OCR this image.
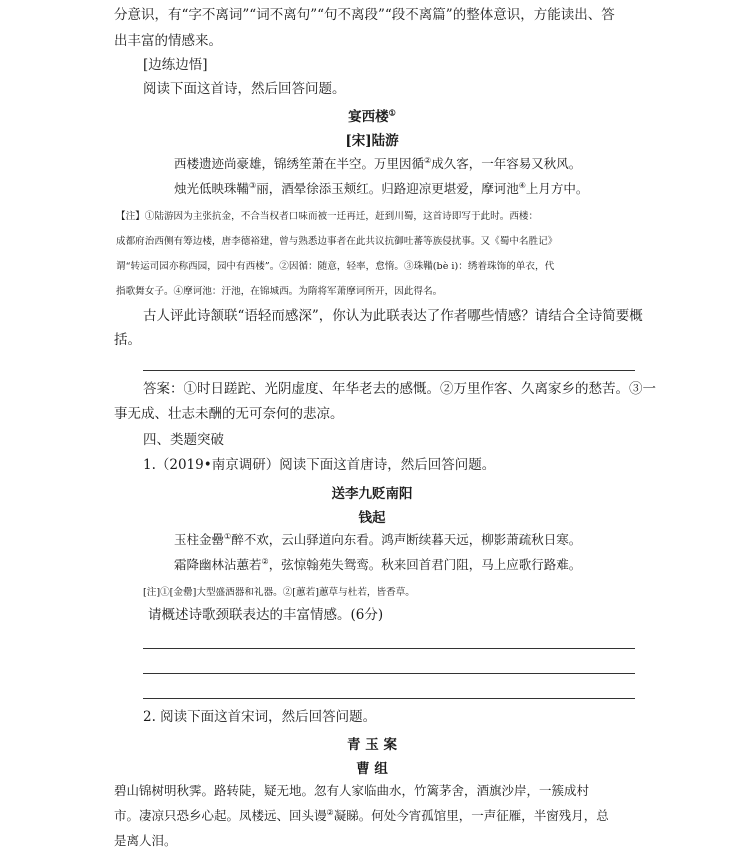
分意识，有“字不离词”“词不离句”“句不离段”“段不离篇”的整体意识，方能读出、答
出丰富的情感来。
[边练边悟]
阅读下面这首诗，然后回答问题。
宴西楼①
[宋]陆游
西楼遗迹尚豪雄，锦绣笙萧在半空。万里因循②成久客，一年容易又秋风。
烛光低映珠鞴③丽，酒晕徐添玉颊红。归路迎凉更堪爱，摩诃池④上月方中。
【注】①陆游因为主张抗金，不合当权者口味而被一迁再迁，赶到川蜀，这首诗即写于此时。西楼：
成都府治西侧有筹边楼，唐李德裕建，曾与熟悉边事者在此共议抗御吐蕃等族侵扰事。又《蜀中名胜记》
谓“转运司园亦称西园，园中有西楼”。②因循：随意，轻率，怠惰。③珠鞴(bè i)：绣着珠饰的单衣，代
指歌舞女子。④摩诃池：汙池，在锦城西。为隋将军萧摩诃所开，因此得名。
古人评此诗颔联“语轻而感深”，你认为此联表达了作者哪些情感？请结合全诗简要概
括。
答案：①时日蹉跎、光阴虚度、年华老去的感慨。②万里作客、久离家乡的愁苦。③一
事无成、壮志未酬的无可奈何的悲凉。
四、类题突破
1.（2019•南京调研）阅读下面这首唐诗，然后回答问题。
送李九贬南阳
钱起
玉柱金罍①醉不欢，云山驿道向东看。鸿声断续暮天远，柳影萧疏秋日寒。
霜降幽林沾蕙若②，弦惊翰苑失鸳鸾。秋来回首君门阻，马上应歌行路难。
[注]①[金罍]大型盛酒器和礼器。②[蕙若]蕙草与杜若，皆香草。
请概述诗歌颈联表达的丰富情感。(6分)
2. 阅读下面这首宋词，然后回答问题。
青 玉 案
曹 组
碧山锦树明秋霁。路转陡，疑无地。忽有人家临曲水，竹篱茅舍，酒旗沙岸，一簇成村
市。凄凉只恐乡心起。凤楼远、回头谩②凝睇。何处今宵孤馆里，一声征雁，半窗残月，总
是离人泪。
